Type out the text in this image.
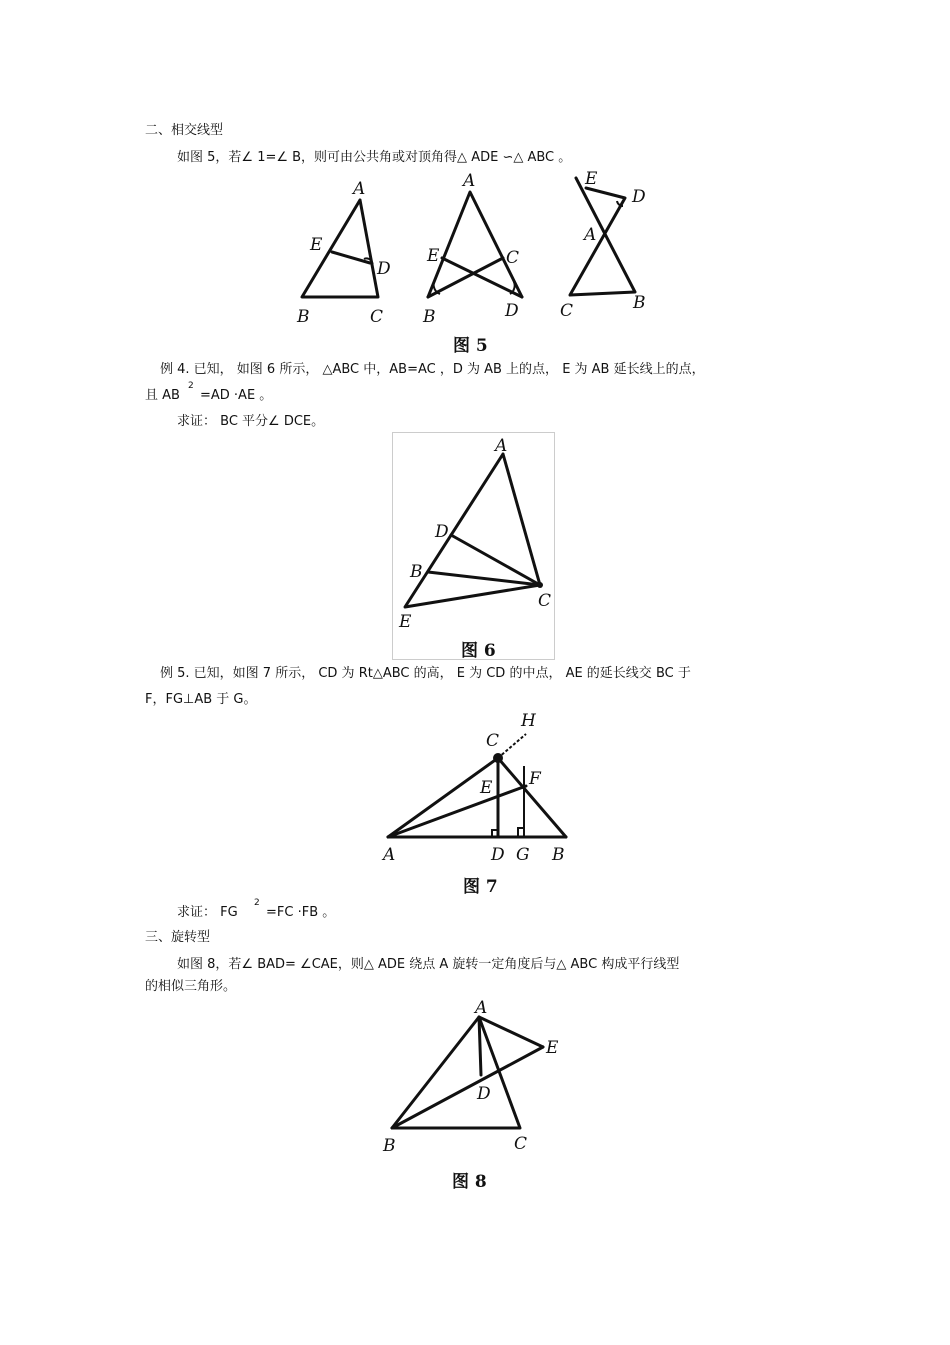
二、相交线型
如图 5，若∠ 1=∠ B，则可由公共角或对顶角得△ ADE ∽△ ABC 。
A
E
D
B	C
A
E	C
B	D
E
D
A
C	B
图 5
例 4. 已知， 如图 6 所示， △ABC 中，AB=AC ，D 为 AB 上的点， E 为 AB 延长线上的点，
且 AB
2
=AD ·AE 。
求证： BC 平分∠ DCE。
A
D
B
C
E
图 6
例 5. 已知，如图 7 所示， CD 为 Rt△ABC 的高， E 为 CD 的中点， AE 的延长线交 BC 于
F，FG⊥AB 于 G。
H
C
E F
A	D G B
图 7
求证： FG
2
=FC ·FB 。
三、旋转型
如图 8，若∠ BAD= ∠CAE，则△ ADE 绕点 A 旋转一定角度后与△ ABC 构成平行线型
的相似三角形。
A
E
D
B	C
图 8
